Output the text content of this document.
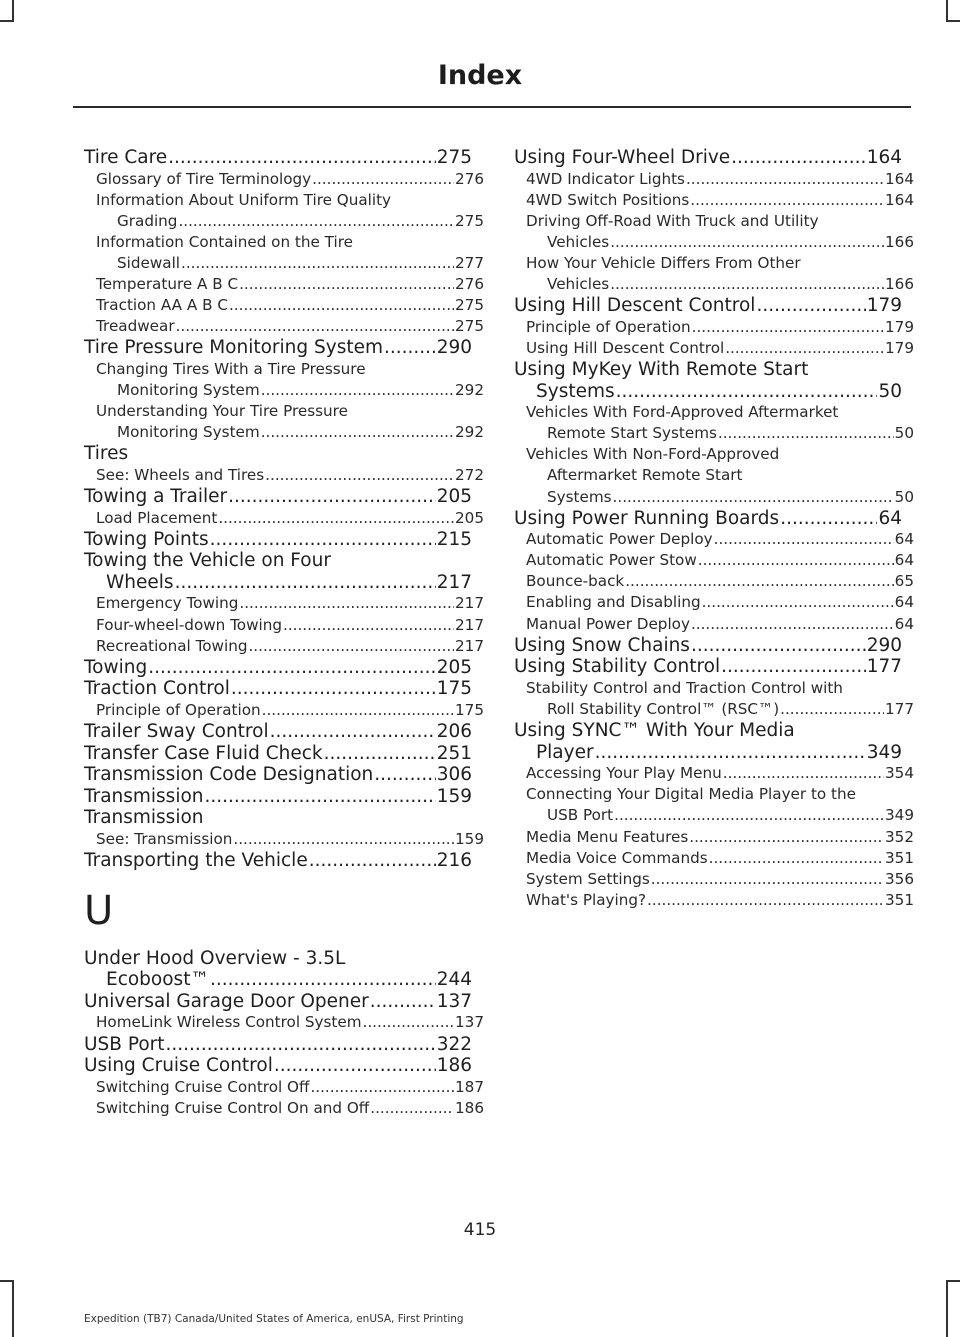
Index
Tire Care .....	275
Glossary of Tire Terminology .....	276
Information About Uniform Tire Quality
Grading .....	275
Information Contained on the Tire
Sidewall .....	277
Temperature A B C .....	276
Traction AA A B C .....	275
Treadwear .....	275
Tire Pressure Monitoring System .....	290
Changing Tires With a Tire Pressure
Monitoring System .....	292
Understanding Your Tire Pressure
Monitoring System .....	292
Tires
See: Wheels and Tires .....	272
Towing a Trailer .....	205
Load Placement .....	205
Towing Points .....	215
Towing the Vehicle on Four
Wheels .....	217
Emergency Towing .....	217
Four-wheel-down Towing .....	217
Recreational Towing .....	217
Towing .....	205
Traction Control .....	175
Principle of Operation .....	175
Trailer Sway Control .....	206
Transfer Case Fluid Check .....	251
Transmission Code Designation .....	306
Transmission .....	159
Transmission
See: Transmission .....	159
Transporting the Vehicle .....	216
U
Under Hood Overview - 3.5L
Ecoboost™ .....	244
Universal Garage Door Opener .....	137
HomeLink Wireless Control System .....	137
USB Port .....	322
Using Cruise Control .....	186
Switching Cruise Control Off .....	187
Switching Cruise Control On and Off .....	186
Using Four-Wheel Drive .....	164
4WD Indicator Lights .....	164
4WD Switch Positions .....	164
Driving Off-Road With Truck and Utility
Vehicles .....	166
How Your Vehicle Differs From Other
Vehicles .....	166
Using Hill Descent Control .....	179
Principle of Operation .....	179
Using Hill Descent Control .....	179
Using MyKey With Remote Start
Systems .....	50
Vehicles With Ford-Approved Aftermarket
Remote Start Systems .....	50
Vehicles With Non-Ford-Approved
Aftermarket Remote Start
Systems .....	50
Using Power Running Boards .....	64
Automatic Power Deploy .....	64
Automatic Power Stow .....	64
Bounce-back .....	65
Enabling and Disabling .....	64
Manual Power Deploy .....	64
Using Snow Chains .....	290
Using Stability Control .....	177
Stability Control and Traction Control with
Roll Stability Control™ (RSC™) .....	177
Using SYNC™ With Your Media
Player .....	349
Accessing Your Play Menu .....	354
Connecting Your Digital Media Player to the
USB Port .....	349
Media Menu Features .....	352
Media Voice Commands .....	351
System Settings .....	356
What's Playing? .....	351
415
Expedition (TB7) Canada/United States of America, enUSA, First Printing
